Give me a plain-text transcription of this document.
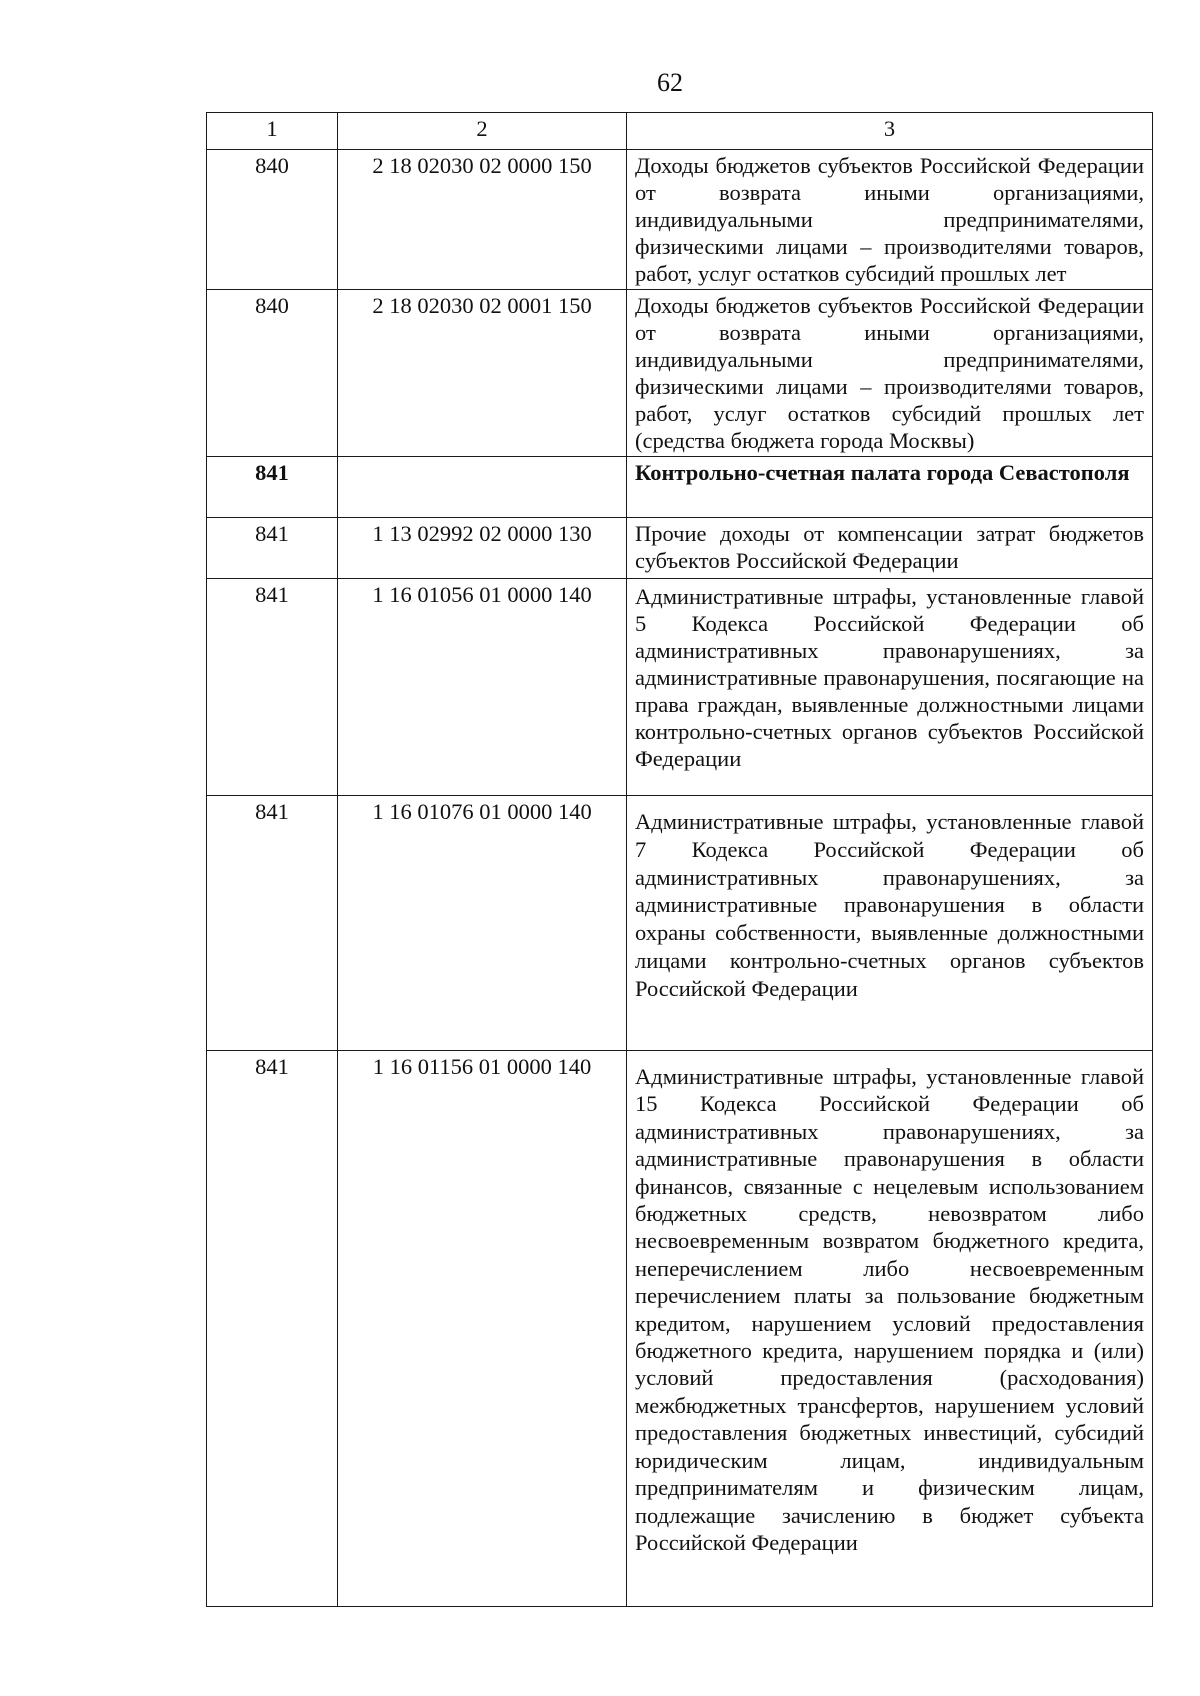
62
1	2	3
840	2 18 02030 02 0000 150	Доходы бюджетов субъектов Российской Федерации от возврата иными организациями, индивидуальными предпринимателями, физическими лицами – производителями товаров, работ, услуг остатков субсидий прошлых лет
840	2 18 02030 02 0001 150	Доходы бюджетов субъектов Российской Федерации от возврата иными организациями, индивидуальными предпринимателями, физическими лицами – производителями товаров, работ, услуг остатков субсидий прошлых лет (средства бюджета города Москвы)
841		Контрольно-счетная палата города Севастополя
841	1 13 02992 02 0000 130	Прочие доходы от компенсации затрат бюджетов субъектов Российской Федерации
841	1 16 01056 01 0000 140	Административные штрафы, установленные главой 5 Кодекса Российской Федерации об административных правонарушениях, за административные правонарушения, посягающие на права граждан, выявленные должностными лицами контрольно-счетных органов субъектов Российской Федерации
841	1 16 01076 01 0000 140	Административные штрафы, установленные главой 7 Кодекса Российской Федерации об административных правонарушениях, за административные правонарушения в области охраны собственности, выявленные должностными лицами контрольно-счетных органов субъектов Российской Федерации
841	1 16 01156 01 0000 140	Административные штрафы, установленные главой 15 Кодекса Российской Федерации об административных правонарушениях, за административные правонарушения в области финансов, связанные с нецелевым использованием бюджетных средств, невозвратом либо несвоевременным возвратом бюджетного кредита, неперечислением либо несвоевременным перечислением платы за пользование бюджетным кредитом, нарушением условий предоставления бюджетного кредита, нарушением порядка и (или) условий предоставления (расходования) межбюджетных трансфертов, нарушением условий предоставления бюджетных инвестиций, субсидий юридическим лицам, индивидуальным предпринимателям и физическим лицам, подлежащие зачислению в бюджет субъекта Российской Федерации
